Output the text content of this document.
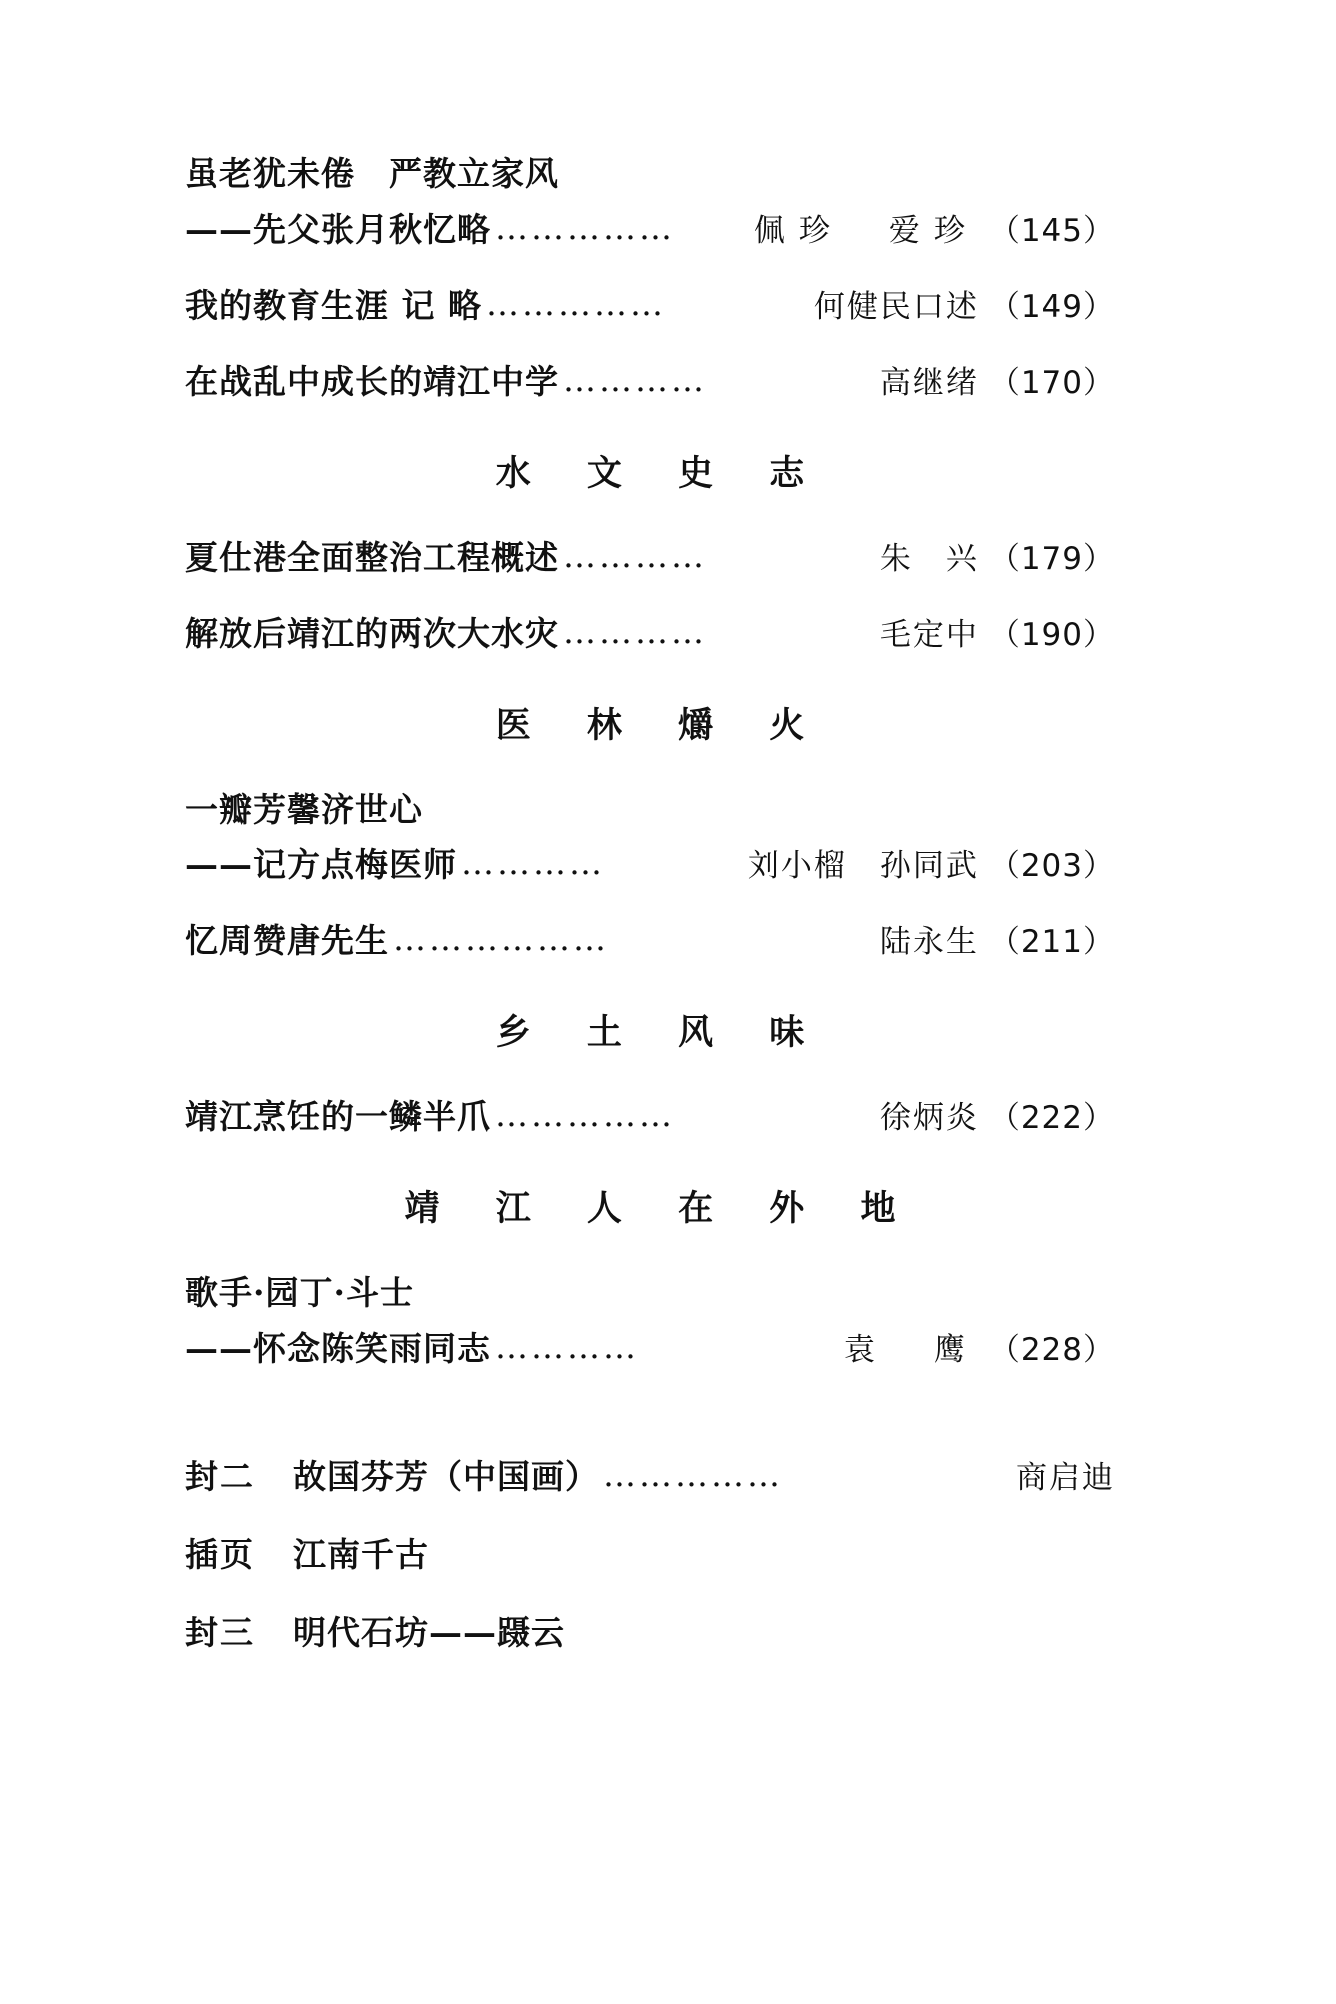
虽老犹未倦　严教立家风
——先父张月秋忆略 ……………	佩珍　爱珍 （145）
我的教育生涯 记 略 ……………	何健民口述 （149）
在战乱中成长的靖江中学 …………	高继绪 （170）
水 文 史 志
夏仕港全面整治工程概述 …………	朱　兴 （179）
解放后靖江的两次大水灾 …………	毛定中 （190）
医 林 爝 火
一瓣芳馨济世心
——记方点梅医师 …………	刘小榴　孙同武 （203）
忆周赞唐先生 ………………	陆永生 （211）
乡 土 风 味
靖江烹饪的一鳞半爪 ……………	徐炳炎 （222）
靖 江 人 在 外 地
歌手·园丁·斗士
——怀念陈笑雨同志 …………	袁　鹰 （228）
封二	故国芬芳（中国画） ……………	商启迪
插页	江南千古
封三	明代石坊——蹑云
